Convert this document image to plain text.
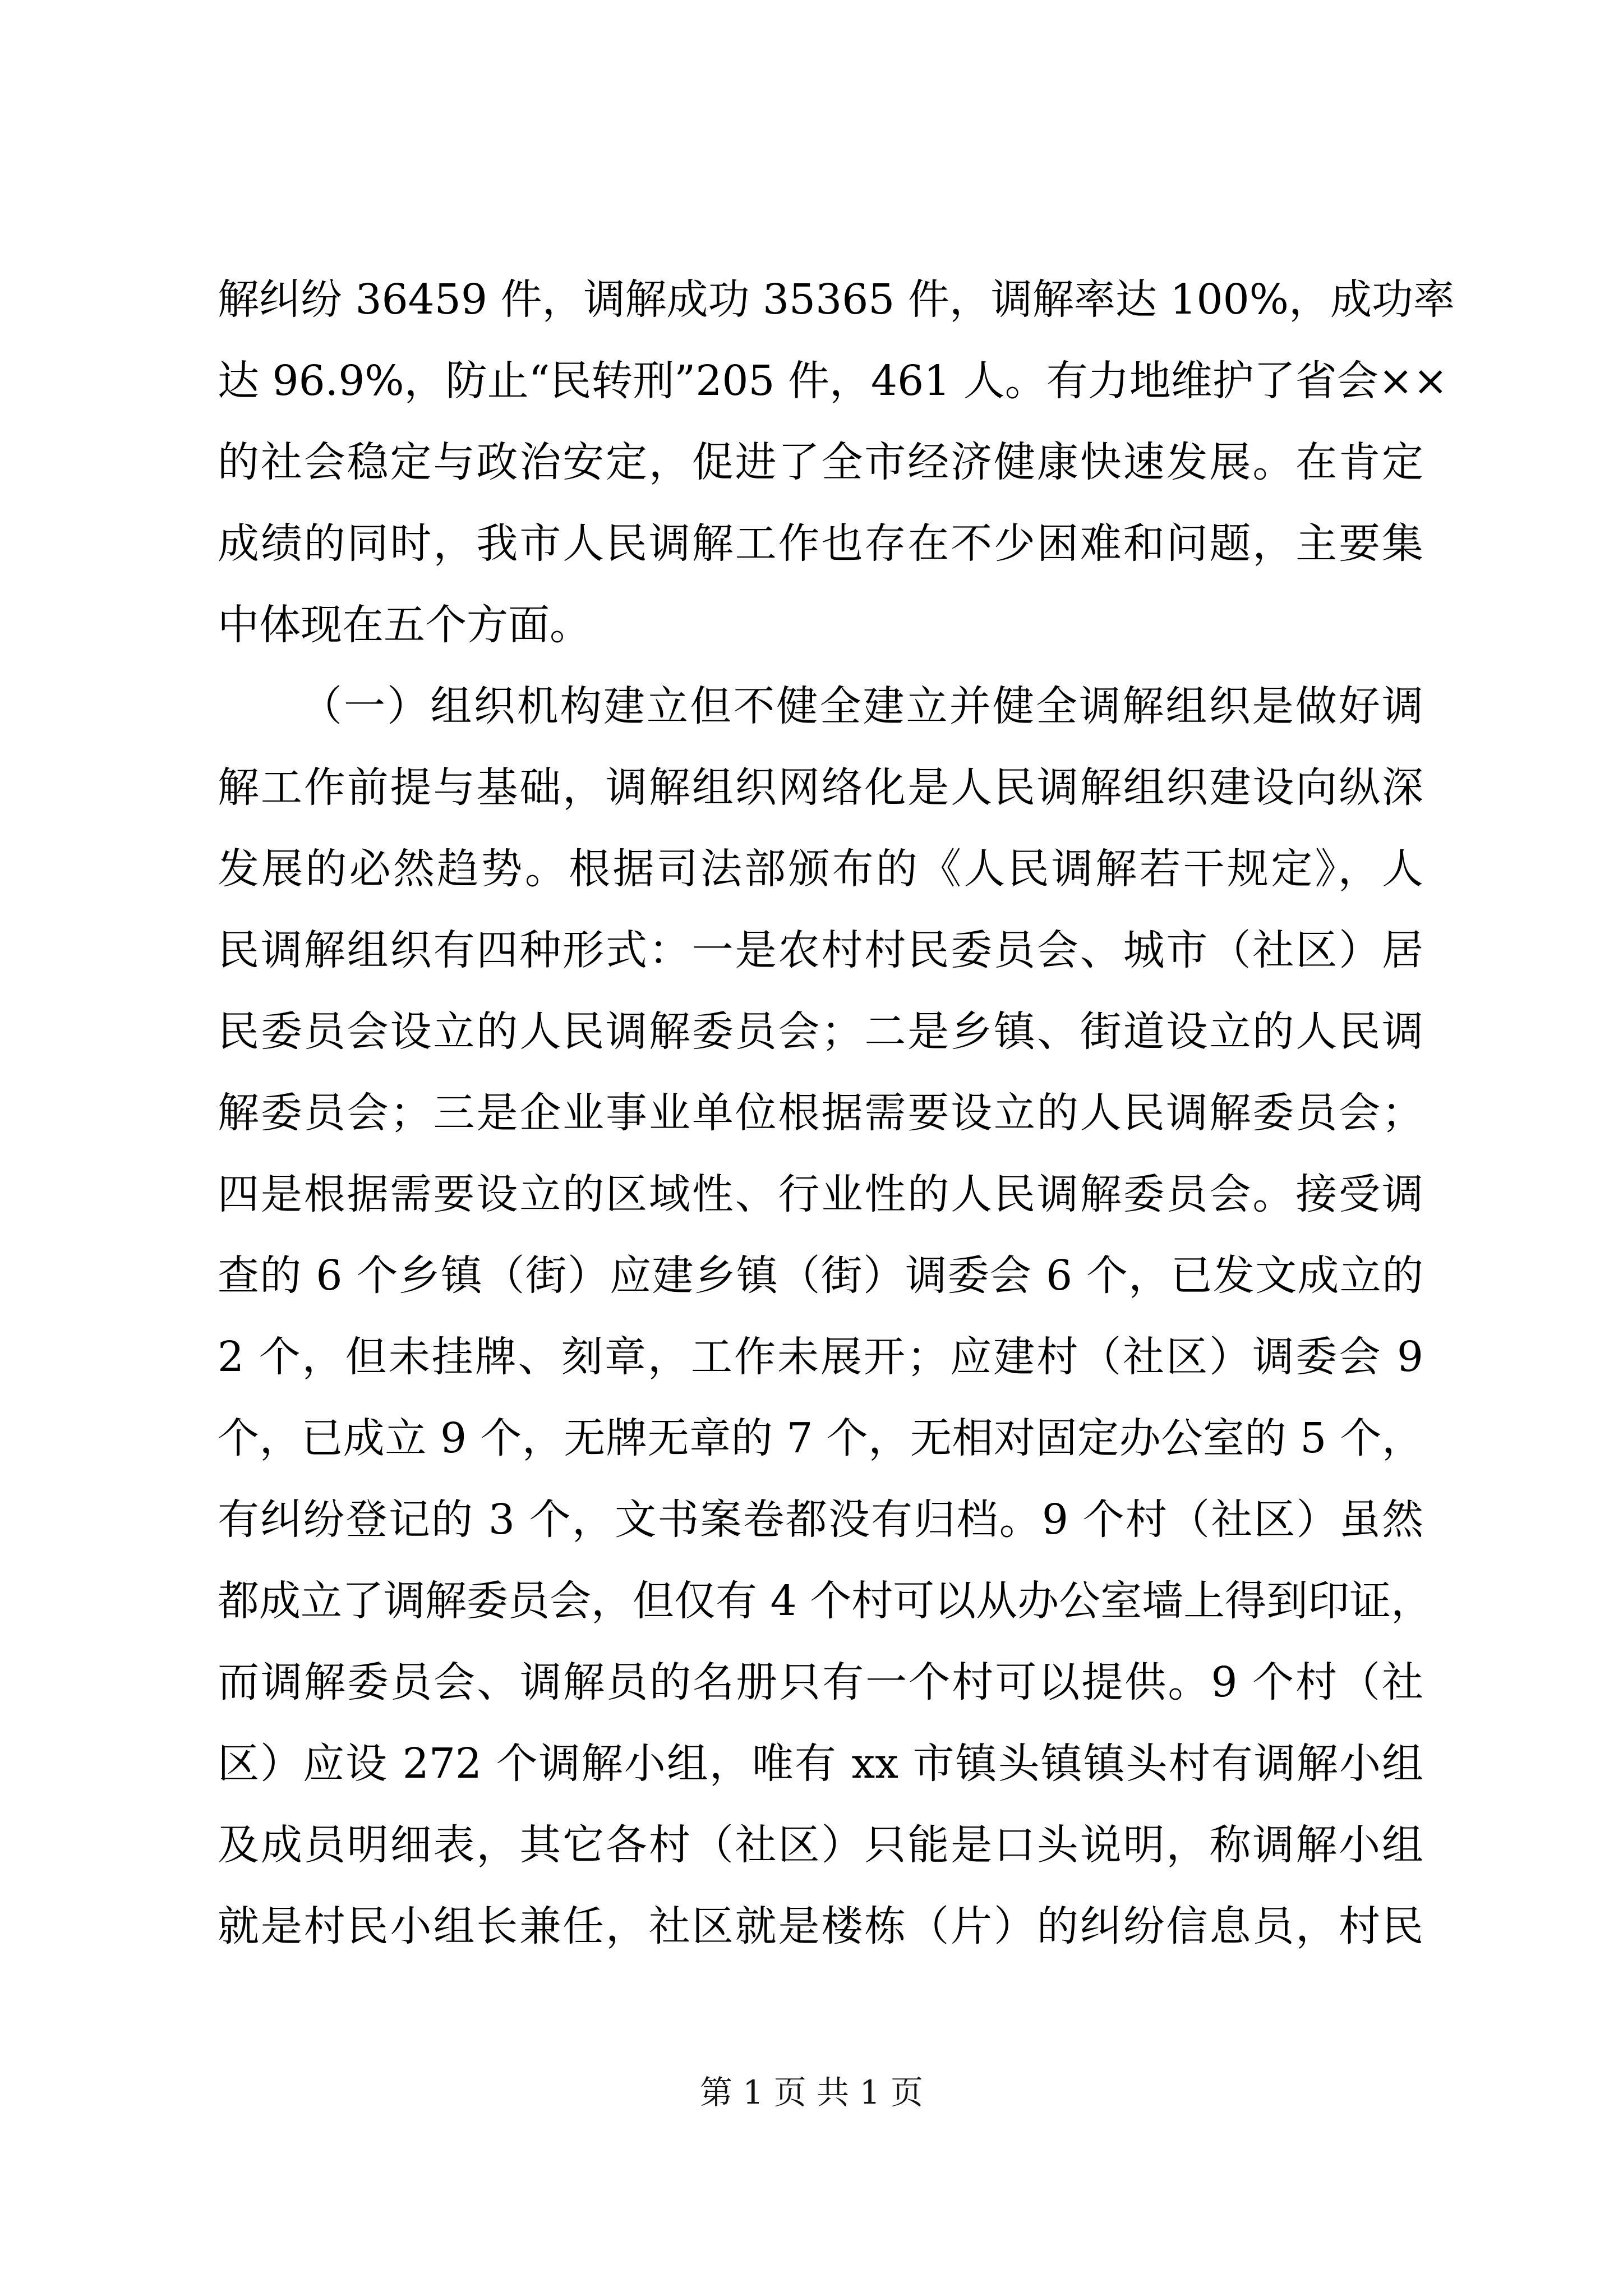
解纠纷 36459 件，调解成功 35365 件，调解率达 100%，成功率
达 96.9%，防止“民转刑”205 件，461 人。有力地维护了省会××
的社会稳定与政治安定，促进了全市经济健康快速发展。在肯定
成绩的同时，我市人民调解工作也存在不少困难和问题，主要集
中体现在五个方面。
（一）组织机构建立但不健全建立并健全调解组织是做好调
解工作前提与基础，调解组织网络化是人民调解组织建设向纵深
发展的必然趋势。根据司法部颁布的《人民调解若干规定》，人
民调解组织有四种形式：一是农村村民委员会、城市（社区）居
民委员会设立的人民调解委员会；二是乡镇、街道设立的人民调
解委员会；三是企业事业单位根据需要设立的人民调解委员会；
四是根据需要设立的区域性、行业性的人民调解委员会。接受调
查的 6 个乡镇（街）应建乡镇（街）调委会 6 个，已发文成立的
2 个，但未挂牌、刻章，工作未展开；应建村（社区）调委会 9
个，已成立 9 个，无牌无章的 7 个，无相对固定办公室的 5 个，
有纠纷登记的 3 个，文书案卷都没有归档。9 个村（社区）虽然
都成立了调解委员会，但仅有 4 个村可以从办公室墙上得到印证，
而调解委员会、调解员的名册只有一个村可以提供。9 个村（社
区）应设 272 个调解小组，唯有 xx 市镇头镇镇头村有调解小组
及成员明细表，其它各村（社区）只能是口头说明，称调解小组
就是村民小组长兼任，社区就是楼栋（片）的纠纷信息员，村民
第 1 页 共 1 页
